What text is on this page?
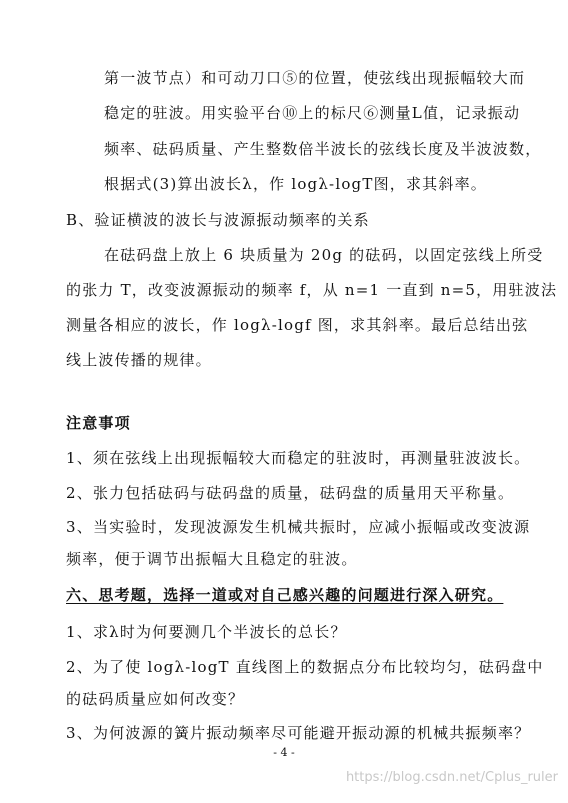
第一波节点）和可动刀口⑤的位置，使弦线出现振幅较大而
稳定的驻波。用实验平台⑩上的标尺⑥测量L值，记录振动
频率、砝码质量、产生整数倍半波长的弦线长度及半波波数，
根据式(3)算出波长λ，作 logλ-logT图，求其斜率。
B、验证横波的波长与波源振动频率的关系
在砝码盘上放上 6 块质量为 20g 的砝码，以固定弦线上所受
的张力 T，改变波源振动的频率 f，从 n=1 一直到 n=5，用驻波法
测量各相应的波长，作 logλ-logf 图，求其斜率。最后总结出弦
线上波传播的规律。
注意事项
1、须在弦线上出现振幅较大而稳定的驻波时，再测量驻波波长。
2、张力包括砝码与砝码盘的质量，砝码盘的质量用天平称量。
3、当实验时，发现波源发生机械共振时，应减小振幅或改变波源
频率，便于调节出振幅大且稳定的驻波。
六、思考题，选择一道或对自己感兴趣的问题进行深入研究。
1、求λ时为何要测几个半波长的总长？
2、为了使 logλ-logT 直线图上的数据点分布比较均匀，砝码盘中
的砝码质量应如何改变？
3、为何波源的簧片振动频率尽可能避开振动源的机械共振频率？
- 4 -
https://blog.csdn.net/Cplus_ruler
